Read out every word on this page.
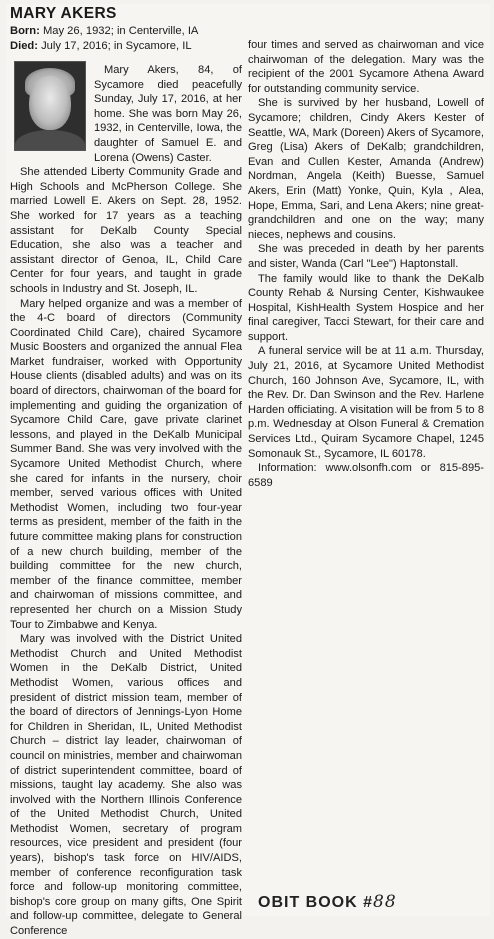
MARY AKERS

Born: May 26, 1932; in Centerville, IA

Died: July 17, 2016; in Sycamore, IL

Mary Akers, 84, of Sycamore died peacefully Sunday, July 17, 2016, at her home. She was born May 26, 1932, in Centerville, Iowa, the daughter of Samuel E. and Lorena (Owens) Caster.

She attended Liberty Community Grade and High Schools and McPherson College. She married Lowell E. Akers on Sept. 28, 1952. She worked for 17 years as a teaching assistant for DeKalb County Special Education, she also was a teacher and assistant director of Genoa, IL, Child Care Center for four years, and taught in grade schools in Industry and St. Joseph, IL.

Mary helped organize and was a member of the 4-C board of directors (Community Coordinated Child Care), chaired Sycamore Music Boosters and organized the annual Flea Market fundraiser, worked with Opportunity House clients (disabled adults) and was on its board of directors, chairwoman of the board for implementing and guiding the organization of Sycamore Child Care, gave private clarinet lessons, and played in the DeKalb Municipal Summer Band. She was very involved with the Sycamore United Methodist Church, where she cared for infants in the nursery, choir member, served various offices with United Methodist Women, including two four-year terms as president, member of the faith in the future committee making plans for construction of a new church building, member of the building committee for the new church, member of the finance committee, member and chairwoman of missions committee, and represented her church on a Mission Study Tour to Zimbabwe and Kenya.

Mary was involved with the District United Methodist Church and United Methodist Women in the DeKalb District, United Methodist Women, various offices and president of district mission team, member of the board of directors of Jennings-Lyon Home for Children in Sheridan, IL, United Methodist Church – district lay leader, chairwoman of council on ministries, member and chairwoman of district superintendent committee, board of missions, taught lay academy. She also was involved with the Northern Illinois Conference of the United Methodist Church, United Methodist Women, secretary of program resources, vice president and president (four years), bishop's task force on HIV/AIDS, member of conference reconfiguration task force and follow-up monitoring committee, bishop's core group on many gifts, One Spirit and follow-up committee, delegate to General Conference

four times and served as chairwoman and vice chairwoman of the delegation. Mary was the recipient of the 2001 Sycamore Athena Award for outstanding community service.

She is survived by her husband, Lowell of Sycamore; children, Cindy Akers Kester of Seattle, WA, Mark (Doreen) Akers of Sycamore, Greg (Lisa) Akers of DeKalb; grandchildren, Evan and Cullen Kester, Amanda (Andrew) Nordman, Angela (Keith) Buesse, Samuel Akers, Erin (Matt) Yonke, Quin, Kyla , Alea, Hope, Emma, Sari, and Lena Akers; nine great-grandchildren and one on the way; many nieces, nephews and cousins.

She was preceded in death by her parents and sister, Wanda (Carl "Lee") Haptonstall.

The family would like to thank the DeKalb County Rehab & Nursing Center, Kishwaukee Hospital, KishHealth System Hospice and her final caregiver, Tacci Stewart, for their care and support.

A funeral service will be at 11 a.m. Thursday, July 21, 2016, at Sycamore United Methodist Church, 160 Johnson Ave, Sycamore, IL, with the Rev. Dr. Dan Swinson and the Rev. Harlene Harden officiating. A visitation will be from 5 to 8 p.m. Wednesday at Olson Funeral & Cremation Services Ltd., Quiram Sycamore Chapel, 1245 Somonauk St., Sycamore, IL 60178.

Information: www.olsonfh.com or 815-895-6589

OBIT BOOK #88
